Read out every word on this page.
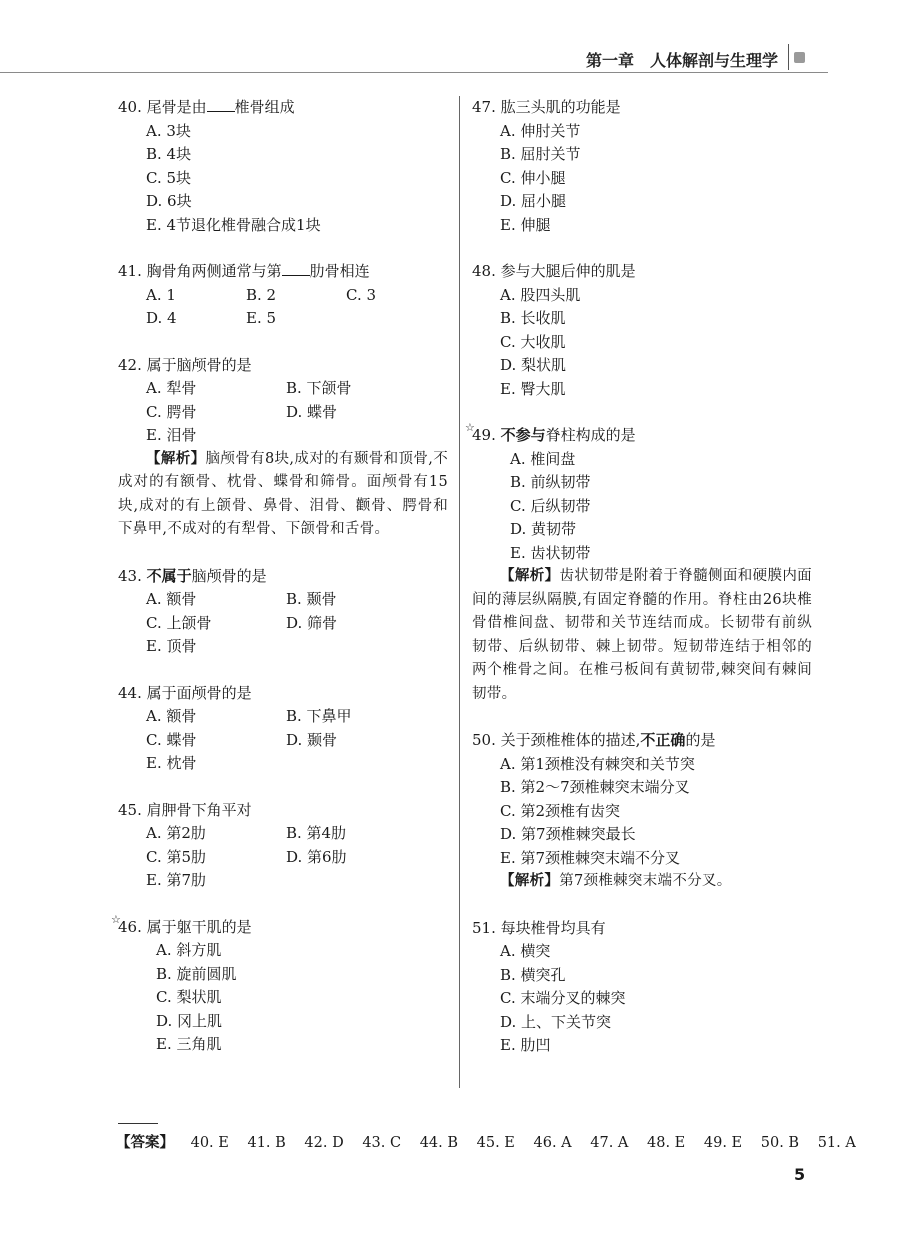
第一章　人体解剖与生理学
40. 尾骨是由 椎骨组成
A. 3块
B. 4块
C. 5块
D. 6块
E. 4节退化椎骨融合成1块
41. 胸骨角两侧通常与第 肋骨相连
A. 1	B. 2	C. 3
D. 4	E. 5
42. 属于脑颅骨的是
A. 犁骨	B. 下颌骨
C. 腭骨	D. 蝶骨
E. 泪骨
【解析】脑颅骨有8块,成对的有颞骨和顶骨,不成对的有额骨、枕骨、蝶骨和筛骨。面颅骨有15块,成对的有上颌骨、鼻骨、泪骨、颧骨、腭骨和下鼻甲,不成对的有犁骨、下颌骨和舌骨。
43. 不属于脑颅骨的是
A. 额骨	B. 颞骨
C. 上颌骨	D. 筛骨
E. 顶骨
44. 属于面颅骨的是
A. 额骨	B. 下鼻甲
C. 蝶骨	D. 颞骨
E. 枕骨
45. 肩胛骨下角平对
A. 第2肋	B. 第4肋
C. 第5肋	D. 第6肋
E. 第7肋
☆
46. 属于躯干肌的是
A. 斜方肌
B. 旋前圆肌
C. 梨状肌
D. 冈上肌
E. 三角肌
47. 肱三头肌的功能是
A. 伸肘关节
B. 屈肘关节
C. 伸小腿
D. 屈小腿
E. 伸腿
48. 参与大腿后伸的肌是
A. 股四头肌
B. 长收肌
C. 大收肌
D. 梨状肌
E. 臀大肌
☆
49. 不参与脊柱构成的是
A. 椎间盘
B. 前纵韧带
C. 后纵韧带
D. 黄韧带
E. 齿状韧带
【解析】齿状韧带是附着于脊髓侧面和硬膜内面间的薄层纵隔膜,有固定脊髓的作用。脊柱由26块椎骨借椎间盘、韧带和关节连结而成。长韧带有前纵韧带、后纵韧带、棘上韧带。短韧带连结于相邻的两个椎骨之间。在椎弓板间有黄韧带,棘突间有棘间韧带。
50. 关于颈椎椎体的描述,不正确的是
A. 第1颈椎没有棘突和关节突
B. 第2～7颈椎棘突末端分叉
C. 第2颈椎有齿突
D. 第7颈椎棘突最长
E. 第7颈椎棘突末端不分叉
【解析】第7颈椎棘突末端不分叉。
51. 每块椎骨均具有
A. 横突
B. 横突孔
C. 末端分叉的棘突
D. 上、下关节突
E. 肋凹
【答案】 40. E 41. B 42. D 43. C 44. B 45. E 46. A 47. A 48. E 49. E 50. B 51. A
5
